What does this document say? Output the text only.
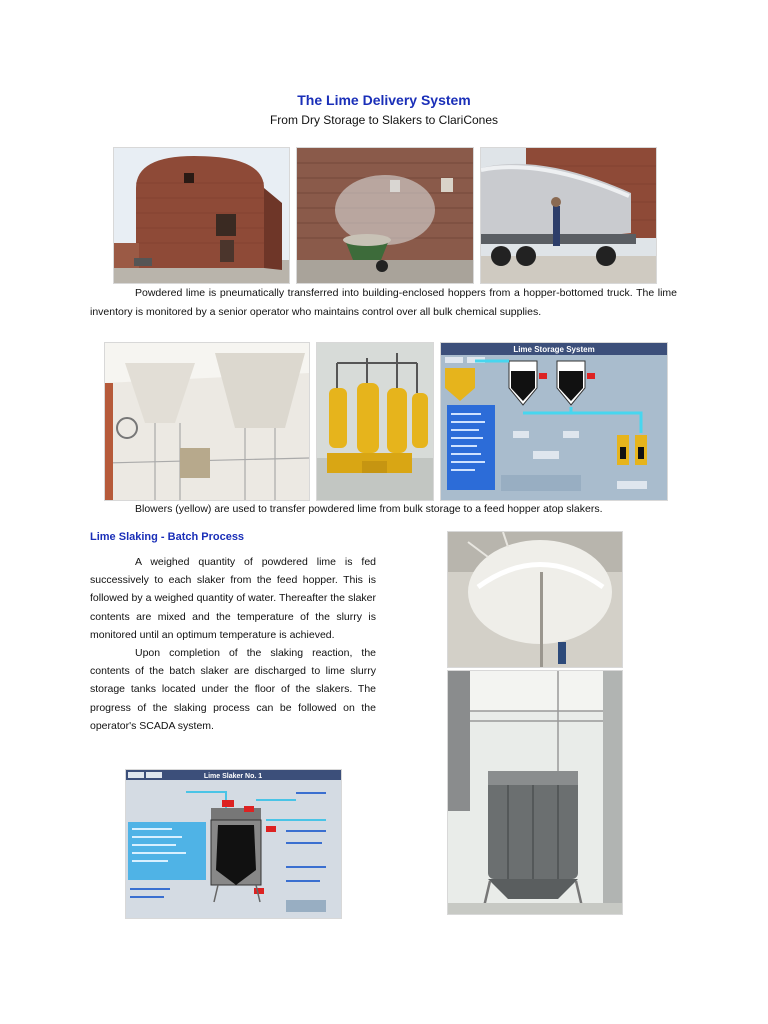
The Lime Delivery System
From Dry Storage to Slakers to ClariCones

Powdered lime is pneumatically transferred into building-enclosed hoppers from a hopper-bottomed truck. The lime inventory is monitored by a senior operator who maintains control over all bulk chemical supplies.

Lime Storage System

Blowers (yellow) are used to transfer powdered lime from bulk storage to a feed hopper atop slakers.

Lime Slaking - Batch Process

A weighed quantity of powdered lime is fed successively to each slaker from the feed hopper. This is followed by a weighed quantity of water. Thereafter the slaker contents are mixed and the temperature of the slurry is monitored until an optimum temperature is achieved.

Upon completion of the slaking reaction, the contents of the batch slaker are discharged to lime slurry storage tanks located under the floor of the slakers. The progress of the slaking process can be followed on the operator's SCADA system.

Lime Slaker No. 1
